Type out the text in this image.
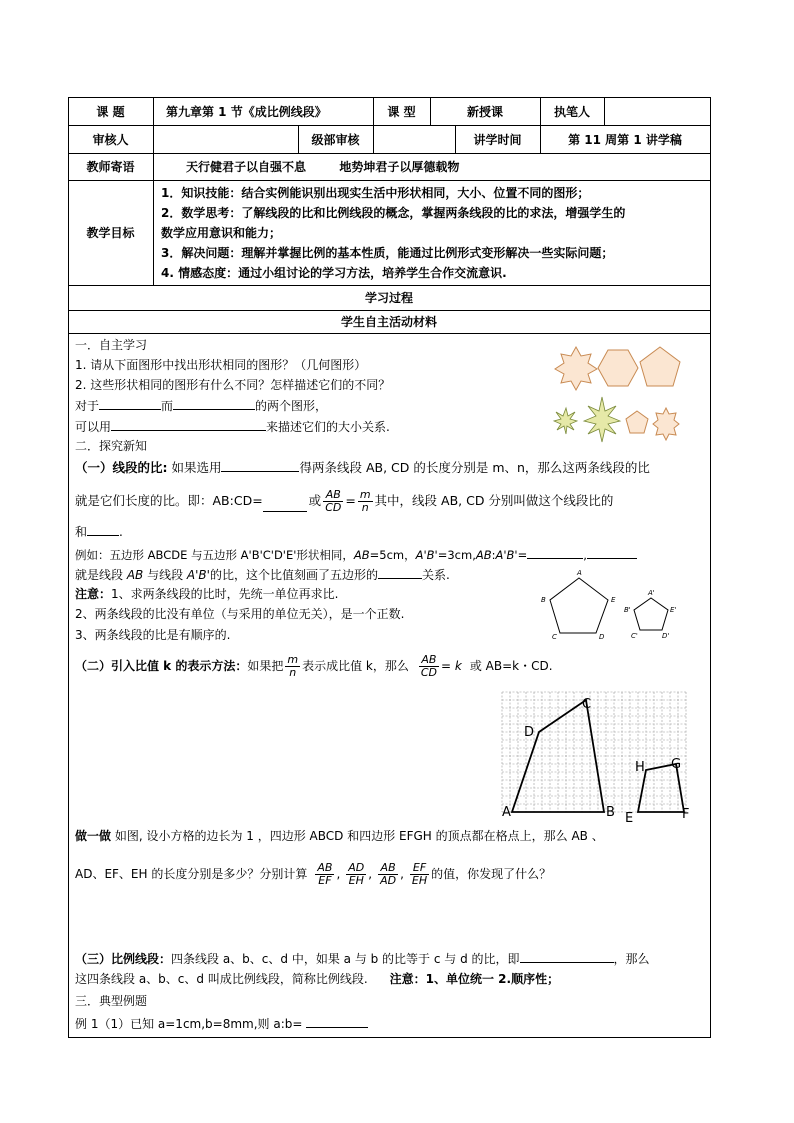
课 题	第九章第 1 节《成比例线段》	课 型	新授课	执笔人
审核人	级部审核	讲学时间	第 11 周第 1 讲学稿
教师寄语	天行健君子以自强不息        地势坤君子以厚德载物
教学目标
1．知识技能：结合实例能识别出现实生活中形状相同，大小、位置不同的图形；
2．数学思考：了解线段的比和比例线段的概念，掌握两条线段的比的求法，增强学生的
数学应用意识和能力；
3．解决问题：理解并掌握比例的基本性质，能通过比例形式变形解决一些实际问题；
4. 情感态度：通过小组讨论的学习方法，培养学生合作交流意识.
学习过程
学生自主活动材料
一．自主学习
1. 请从下面图形中找出形状相同的图形？（几何图形）
2. 这些形状相同的图形有什么不同？怎样描述它们的不同？
对于	而	的两个图形，
可以用	来描述它们的大小关系.
二．探究新知
（一）线段的比: 如果选用	得两条线段 AB, CD 的长度分别是 m、n，那么这两条线段的比
就是它们长度的比。即：AB:CD=	或 $\frac{AB}{CD} = \frac{m}{n}$ 其中，线段 AB, CD 分别叫做这个线段比的
和	.
例如：五边形 ABCDE 与五边形 A'B'C'D'E'形状相同，AB=5cm，A'B'=3cm,AB:A'B'=	,
就是线段 AB 与线段 A'B'的比，这个比值刻画了五边形的	关系.
注意：1、求两条线段的比时，先统一单位再求比.
2、两条线段的比没有单位（与采用的单位无关），是一个正数.
3、两条线段的比是有顺序的.
（二）引入比值 k 的表示方法： 如果把 $\frac{m}{n}$ 表示成比值 k，那么 $\frac{AB}{CD} = k$ 或 AB=k・CD.
做一做 如图, 设小方格的边长为 1 ，四边形 ABCD 和四边形 EFGH 的顶点都在格点上，那么 AB 、
AD、EF、EH 的长度分别是多少？分别计算 $\frac{AB}{EF}$ , $\frac{AD}{EH}$ , $\frac{AB}{AD}$ , $\frac{EF}{EH}$ 的值，你发现了什么？
（三）比例线段：四条线段 a、b、c、d 中，如果 a 与 b 的比等于 c 与 d 的比，即	，那么
这四条线段 a、b、c、d 叫成比例线段，简称比例线段. 注意：1、单位统一 2.顺序性；
三．典型例题
例 1（1）已知 a=1cm,b=8mm,则 a:b=
A
B
C	D
E
A'
B'
C'	D'
E'
A	B
C
D
E	F
G
H
